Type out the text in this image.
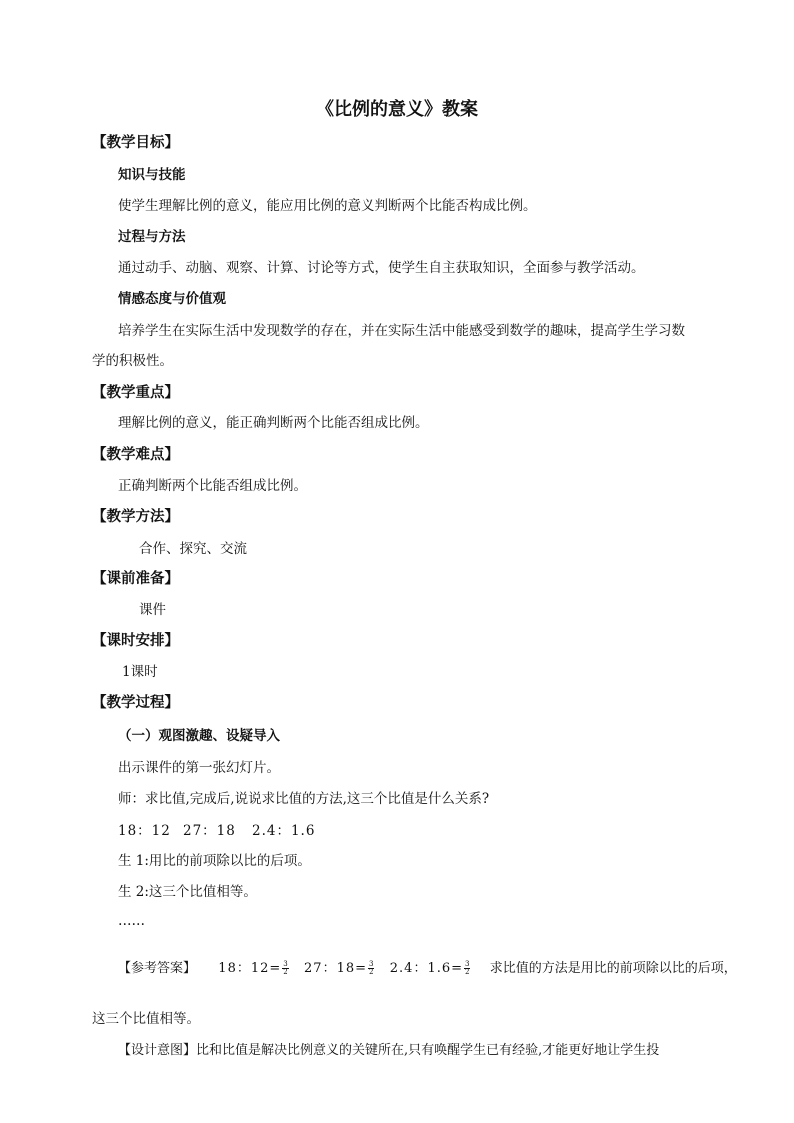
《比例的意义》教案
【教学目标】
知识与技能
使学生理解比例的意义，能应用比例的意义判断两个比能否构成比例。
过程与方法
通过动手、动脑、观察、计算、讨论等方式，使学生自主获取知识，全面参与教学活动。
情感态度与价值观
培养学生在实际生活中发现数学的存在，并在实际生活中能感受到数学的趣味，提高学生学习数
学的积极性。
【教学重点】
理解比例的意义，能正确判断两个比能否组成比例。
【教学难点】
正确判断两个比能否组成比例。
【教学方法】
合作、探究、交流
【课前准备】
课件
【课时安排】
1课时
【教学过程】
（一）观图激趣、设疑导入
出示课件的第一张幻灯片。
师：求比值,完成后,说说求比值的方法,这三个比值是什么关系?
18：12 27：18 2.4：1.6
生 1:用比的前项除以比的后项。
生 2:这三个比值相等。
……
【参考答案】 18：$12= \frac{3}{2} 27$：$18= \frac{3}{2} 2.4$：$1.6= \frac{3}{2}$ 求比值的方法是用比的前项除以比的后项，
这三个比值相等。
【设计意图】比和比值是解决比例意义的关键所在,只有唤醒学生已有经验,才能更好地让学生投
